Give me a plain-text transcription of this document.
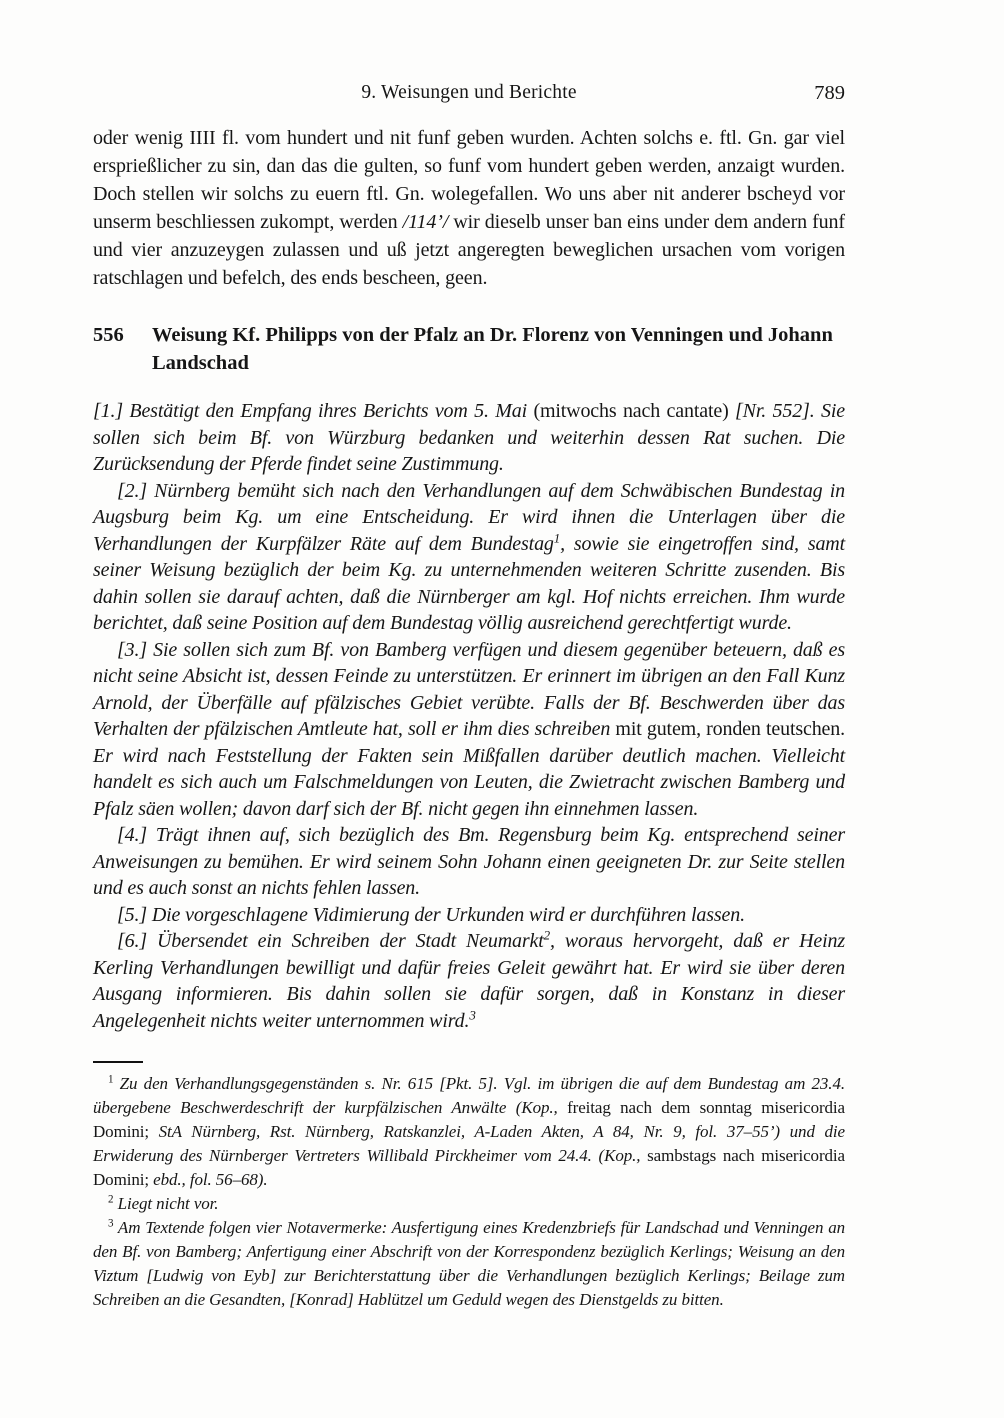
9. Weisungen und Berichte	789

oder wenig IIII fl. vom hundert und nit funf geben wurden. Achten solchs e. ftl. Gn. gar viel ersprießlicher zu sin, dan das die gulten, so funf vom hundert geben werden, anzaigt wurden. Doch stellen wir solchs zu euern ftl. Gn. wolegefallen. Wo uns aber nit anderer bscheyd vor unserm beschliessen zukompt, werden /114’/ wir dieselb unser ban eins under dem andern funf und vier anzuzeygen zulassen und uß jetzt angeregten beweglichen ursachen vom vorigen ratschlagen und befelch, des ends bescheen, geen.

556 Weisung Kf. Philipps von der Pfalz an Dr. Florenz von Venningen und Johann Landschad

[1.] Bestätigt den Empfang ihres Berichts vom 5. Mai (mitwochs nach cantate) [Nr. 552]. Sie sollen sich beim Bf. von Würzburg bedanken und weiterhin dessen Rat suchen. Die Zurücksendung der Pferde findet seine Zustimmung.

[2.] Nürnberg bemüht sich nach den Verhandlungen auf dem Schwäbischen Bundestag in Augsburg beim Kg. um eine Entscheidung. Er wird ihnen die Unterlagen über die Verhandlungen der Kurpfälzer Räte auf dem Bundestag$^1$, sowie sie eingetroffen sind, samt seiner Weisung bezüglich der beim Kg. zu unternehmenden weiteren Schritte zusenden. Bis dahin sollen sie darauf achten, daß die Nürnberger am kgl. Hof nichts erreichen. Ihm wurde berichtet, daß seine Position auf dem Bundestag völlig ausreichend gerechtfertigt wurde.

[3.] Sie sollen sich zum Bf. von Bamberg verfügen und diesem gegenüber beteuern, daß es nicht seine Absicht ist, dessen Feinde zu unterstützen. Er erinnert im übrigen an den Fall Kunz Arnold, der Überfälle auf pfälzisches Gebiet verübte. Falls der Bf. Beschwerden über das Verhalten der pfälzischen Amtleute hat, soll er ihm dies schreiben mit gutem, ronden teutschen. Er wird nach Feststellung der Fakten sein Mißfallen darüber deutlich machen. Vielleicht handelt es sich auch um Falschmeldungen von Leuten, die Zwietracht zwischen Bamberg und Pfalz säen wollen; davon darf sich der Bf. nicht gegen ihn einnehmen lassen.

[4.] Trägt ihnen auf, sich bezüglich des Bm. Regensburg beim Kg. entsprechend seiner Anweisungen zu bemühen. Er wird seinem Sohn Johann einen geeigneten Dr. zur Seite stellen und es auch sonst an nichts fehlen lassen.

[5.] Die vorgeschlagene Vidimierung der Urkunden wird er durchführen lassen.

[6.] Übersendet ein Schreiben der Stadt Neumarkt$^2$, woraus hervorgeht, daß er Heinz Kerling Verhandlungen bewilligt und dafür freies Geleit gewährt hat. Er wird sie über deren Ausgang informieren. Bis dahin sollen sie dafür sorgen, daß in Konstanz in dieser Angelegenheit nichts weiter unternommen wird.$^3$

$^1$ Zu den Verhandlungsgegenständen s. Nr. 615 [Pkt. 5]. Vgl. im übrigen die auf dem Bundestag am 23.4. übergebene Beschwerdeschrift der kurpfälzischen Anwälte (Kop., freitag nach dem sonntag misericordia Domini; StA Nürnberg, Rst. Nürnberg, Ratskanzlei, A-Laden Akten, A 84, Nr. 9, fol. 37–55’) und die Erwiderung des Nürnberger Vertreters Willibald Pirckheimer vom 24.4. (Kop., sambstags nach misericordia Domini; ebd., fol. 56–68).

$^2$ Liegt nicht vor.

$^3$ Am Textende folgen vier Notavermerke: Ausfertigung eines Kredenzbriefs für Landschad und Venningen an den Bf. von Bamberg; Anfertigung einer Abschrift von der Korrespondenz bezüglich Kerlings; Weisung an den Viztum [Ludwig von Eyb] zur Berichterstattung über die Verhandlungen bezüglich Kerlings; Beilage zum Schreiben an die Gesandten, [Konrad] Hablützel um Geduld wegen des Dienstgelds zu bitten.
